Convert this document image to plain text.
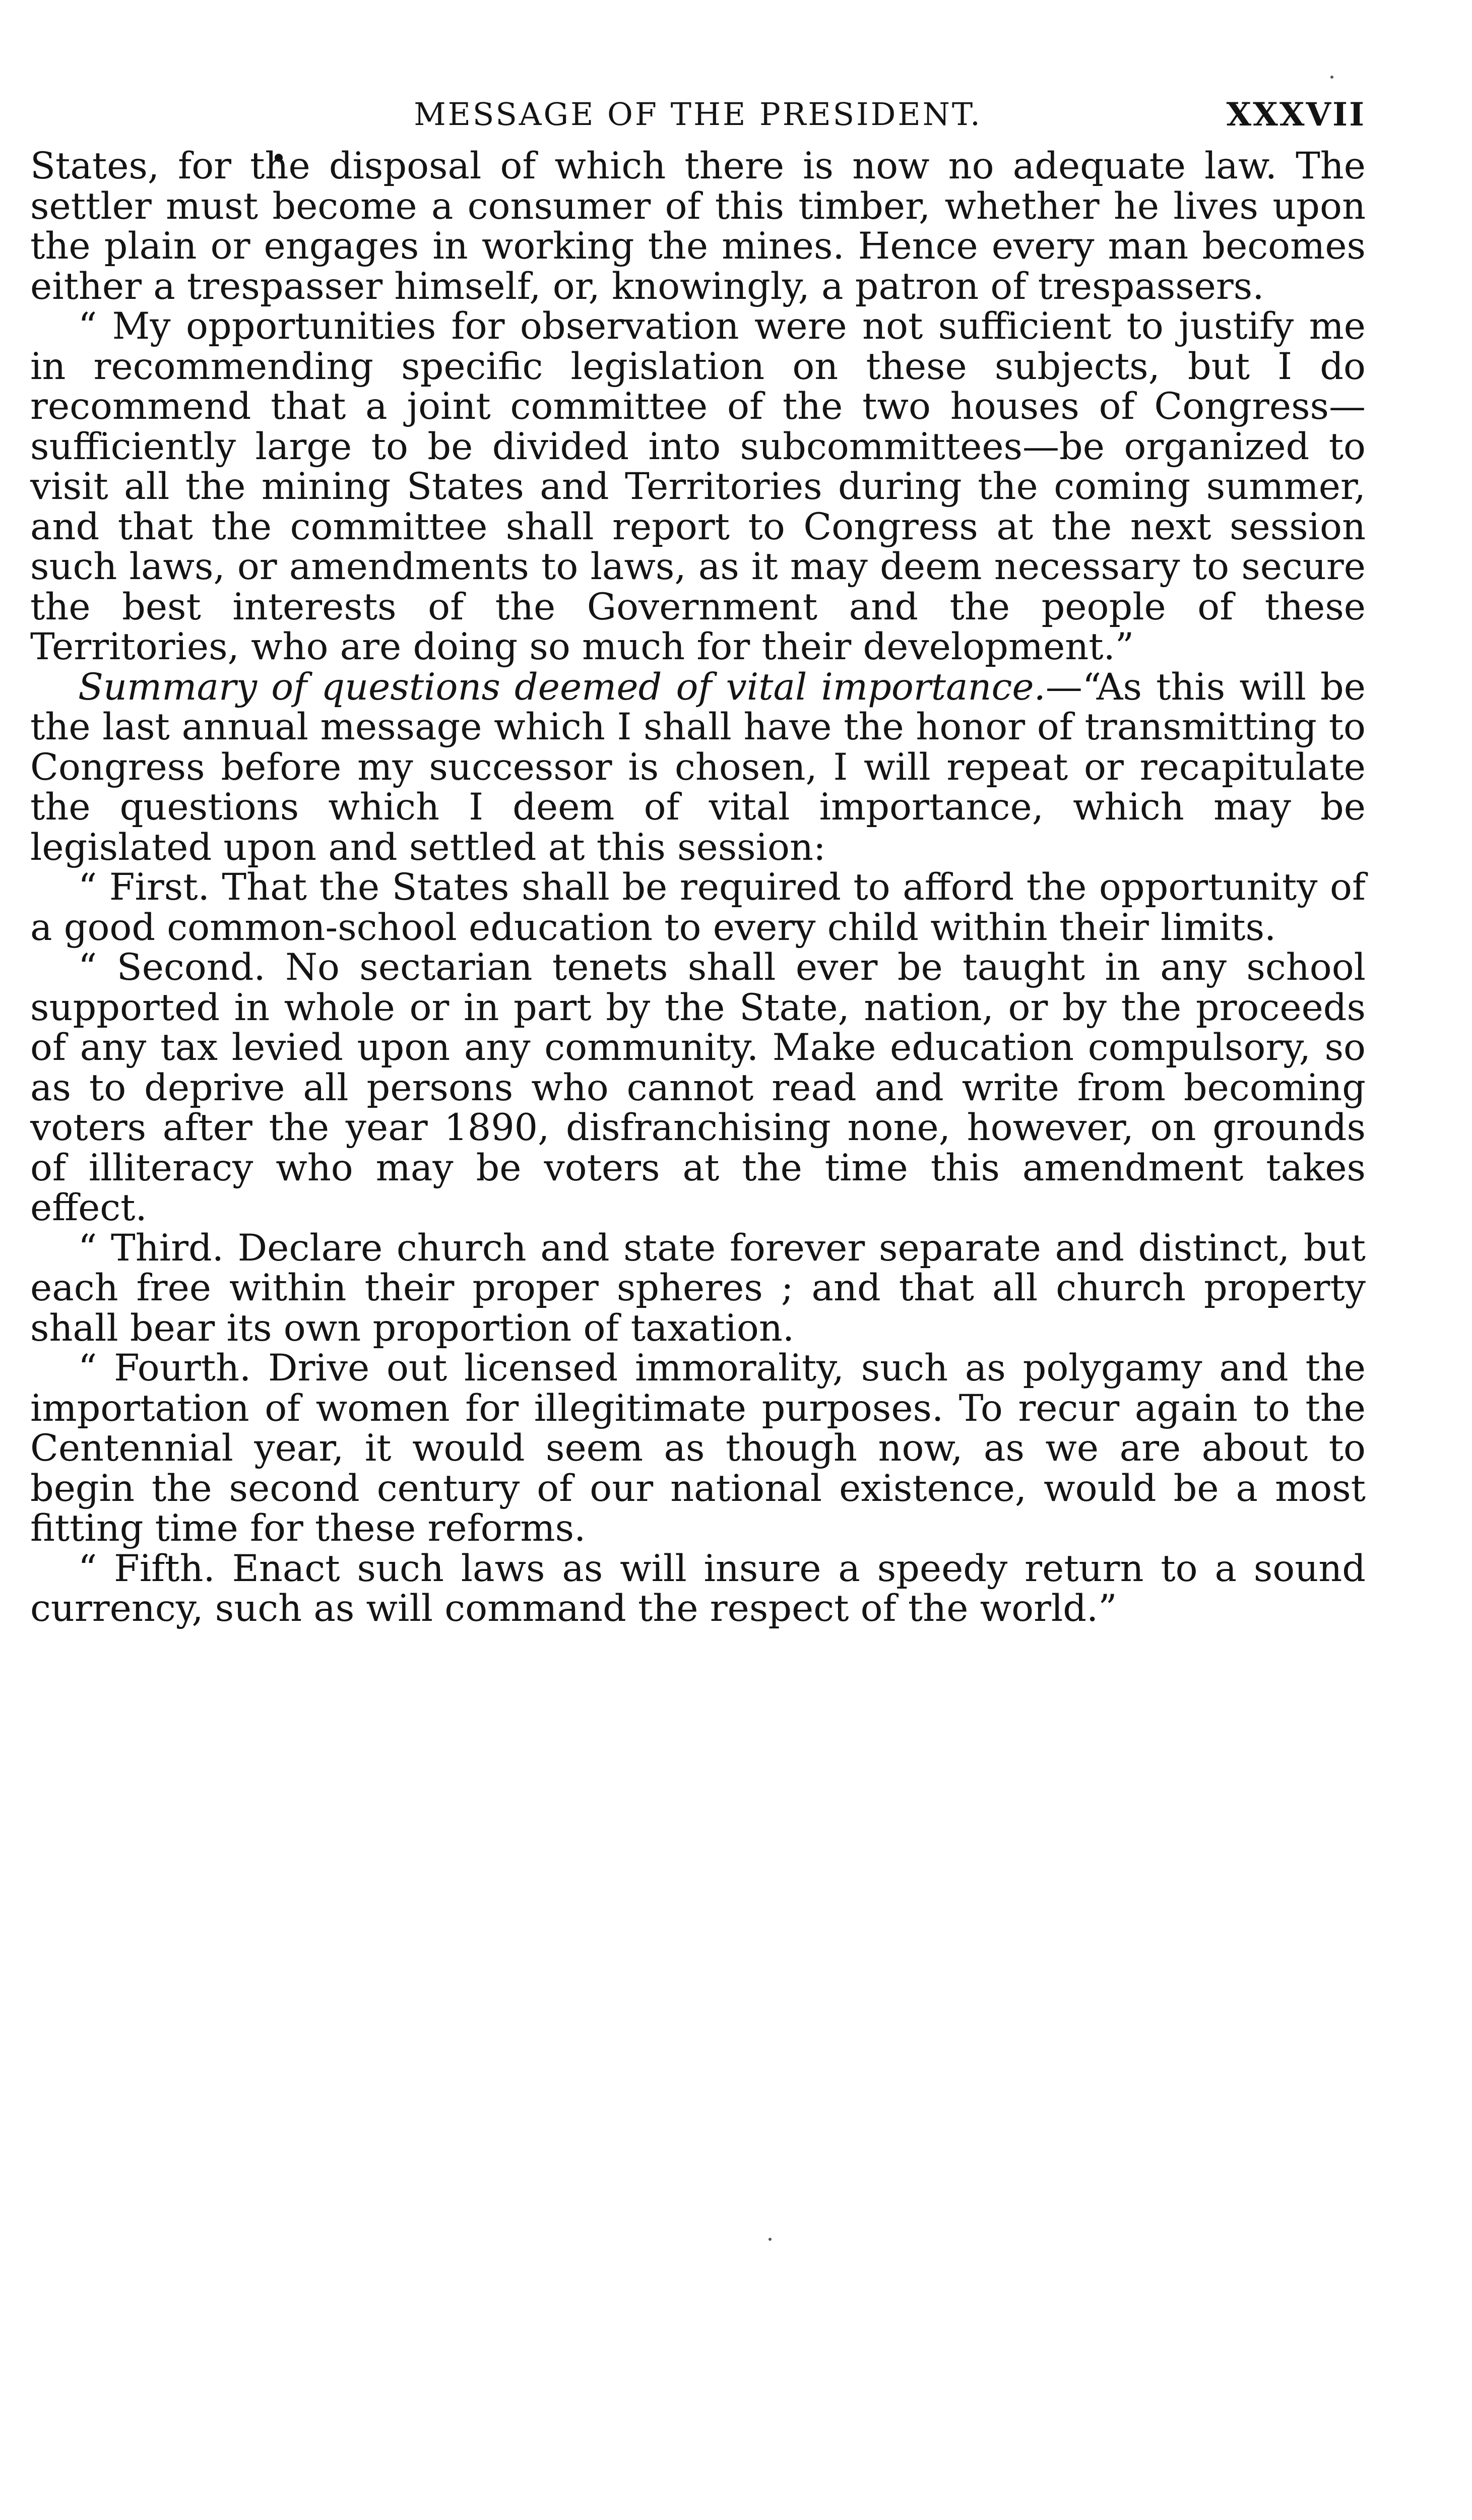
MESSAGE OF THE PRESIDENT.	XXXVII

States, for the disposal of which there is now no adequate law. The settler must become a consumer of this timber, whether he lives upon the plain or engages in working the mines. Hence every man becomes either a trespasser himself, or, knowingly, a patron of trespassers.

“ My opportunities for observation were not sufficient to justify me in recommending specific legislation on these subjects, but I do recommend that a joint committee of the two houses of Congress—sufficiently large to be divided into subcommittees—be organized to visit all the mining States and Territories during the coming summer, and that the committee shall report to Congress at the next session such laws, or amendments to laws, as it may deem necessary to secure the best interests of the Government and the people of these Territories, who are doing so much for their development.”

Summary of questions deemed of vital importance.—“As this will be the last annual message which I shall have the honor of transmitting to Congress before my successor is chosen, I will repeat or recapitulate the questions which I deem of vital importance, which may be legislated upon and settled at this session:

“ First. That the States shall be required to afford the opportunity of a good common-school education to every child within their limits.

“ Second. No sectarian tenets shall ever be taught in any school supported in whole or in part by the State, nation, or by the proceeds of any tax levied upon any community. Make education compulsory, so as to deprive all persons who cannot read and write from becoming voters after the year 1890, disfranchising none, however, on grounds of illiteracy who may be voters at the time this amendment takes effect.

“ Third. Declare church and state forever separate and distinct, but each free within their proper spheres ; and that all church property shall bear its own proportion of taxation.

“ Fourth. Drive out licensed immorality, such as polygamy and the importation of women for illegitimate purposes. To recur again to the Centennial year, it would seem as though now, as we are about to begin the second century of our national existence, would be a most fitting time for these reforms.

“ Fifth. Enact such laws as will insure a speedy return to a sound currency, such as will command the respect of the world.”
